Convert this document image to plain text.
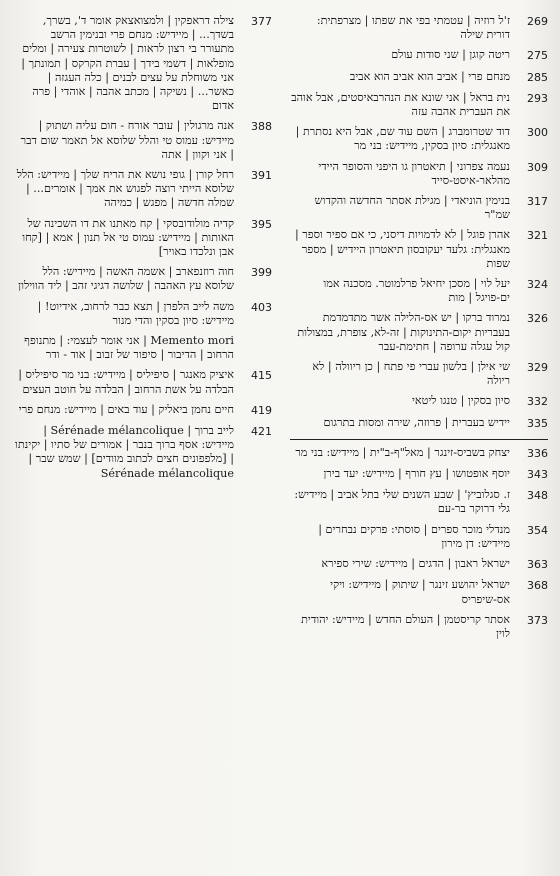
269
ז'ל רוזיה | עטמתי בפי את שפתו | מצרפתית: דורית שילה
275
ריטה קוגן | שני סודות עולם
285
מנחם פרי | אביב הוא אביב הוא אביב
293
נית בראל | אני שונא את הנהרבאיסטים, אבל אוהב את העברית אהבה עזה
300
דוד שטרומברג | השם עוד שם, אבל היא נסתרת | מאנגלית: סיון בסקין, מיידיש: בני מר
309
נעמה צפרוני | תיאטרון גו היפני והסופר היידי מהלאר-איסט-סייד
317
בנימין הוניאדי | מגילת אסתר החדשה והקדוש שמ"ר
321
אהרן פוגל | לא לדמויות דיסני, כי אם ספיר וספר | מאנגלית: גלעד יעקובסון תיאטרון היידיש | מספר שפות
324
יעל לוי | מסכן יחיאל פרלמוטר. מסכנה אמו ים-פויגל | מות
326
נמרוד ברקו | יש אס-הלילה אשר מתדמדמת בעבריות יקום-התינוקות | זה-לא, צופרת, במצולות קול עגלה ערופה | חתימת-עבר
329
שי אילן | בלשון עברי פי פתח | כן ריוולה | לא ריולה
332
סיון בסקין | טנגו ליטאי
335
יידיש בעברית | פרוזה, שירה ומסות בתרגום
336
יצחק בשביס-זינגר | מאל"ף-ב"ית | מיידיש: בני מר
343
יוסף אופטושו | עץ חורף | מיידיש: יעד בירן
348
ז. סגלוביץ' | שבע השנים שלי בתל אביב | מיידיש: גלי דרוקר בר-עם
354
מנדלי מוכר ספרים | סוסתי: פרקים נבחרים | מיידיש: דן מירון
363
ישראל ראבון | הדגים | מיידיש: שירי ספירא
368
ישראל יהושע זינגר | שיתוק | מיידיש: ויקי אס-שיפריס
373
אסתר קריסטמן | העולם החדש | מיידיש: יהודית לוין
377
צילה דראפקין | ולמצואצאק אומר ד', בשרך, בשדך... | מיידיש: מנחם פרי ובנימין הרשב מתעורר בי רצון לראות | לשוטרות צעירה | ומלים מופלאות | דשמי בידך | עברת הקרקס | תמונתך | אני משוחלת על עצים לבנים | כלה העגזה | כאשר... | נשיקה | מכתב אהבה | אוהדי | פרה אדום
388
אנה מרגולין | עובר אורח - חום עליה ושתוק | מיידיש: עמוס טי והלל שלוסא אל תאמר שום דבר | אני וקוון | אתה
391
רחל קורן | גופי נושא את הריח שלך | מיידיש: הלל שלוסא הייתי רוצה לפגוש את אמך | אומרים... | שמלה חדשה | מפגש | כמיהה
395
קדיה מולודובסקי | קח מאתנו את דו השכינה של האותות | מיידיש: עמוס טי אל תנון | אמא | [קחו אבן ונלכדו באויר]
399
חוה רוזנפארב | אשמה האשה | מיידיש: הלל שלוסא עץ האהבה | שלושה דגיגי זהב | ליד הווילון
403
משה לייב הלפרן | תצא כבר לרחוב, אידיוט! | מיידיש: סיון בסקין והדי מנור
Memento mori | אני אומר לעצמי: | מתנופף הרחוב | הדיבור | סיפור של זבוב | אוד - ודר
415
איציק מאנגר | סיפיליס | מיידיש: בני מר סיפיליס | הבלדה על אשת הרחוב | הבלדה על חוטב העצים
419
חיים נחמן ביאליק | עוד באים | מיידיש: מנחם פרי
421
לייב ברוך | Sérénade mélancolique | מיידיש: אסף ברוך בנבר | אמורים של סתיו | יקינתו | [מלפפונים חצים לכתוב מוודים] | שמש שבר | Sérénade mélancolique
